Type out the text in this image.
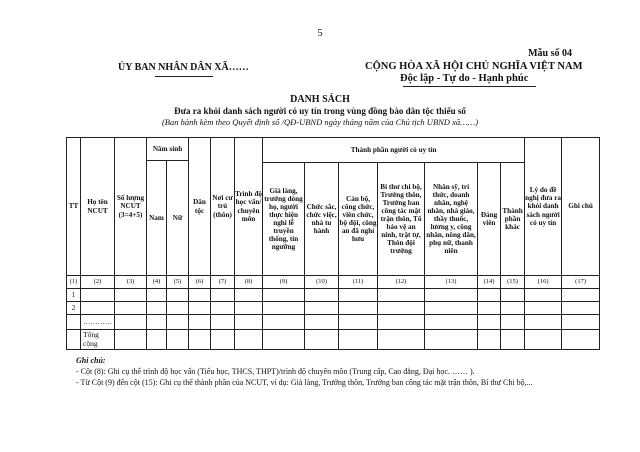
5
Mẫu số 04
ỦY BAN NHÂN DÂN XÃ……	CỘNG HÒA XÃ HỘI CHỦ NGHĨA VIỆT NAM
Độc lập - Tự do - Hạnh phúc
DANH SÁCH
Đưa ra khỏi danh sách người có uy tín trong vùng đồng bào dân tộc thiểu số
(Ban hành kèm theo Quyết định số /QĐ-UBND ngày tháng năm của Chủ tịch UBND xã……)
TT	Họ tên NCUT	Số lượng NCUT (3=4+5)	Năm sinh		Dân tộc	Nơi cư trú (thôn)	Trình độ học vấn/ chuyên môn	Thành phần người có uy tín							Lý do đề nghị đưa ra khỏi danh sách người có uy tín	Ghi chú
			Nam	Nữ												
								Già làng, trưởng dòng họ, người thực hiện nghi lễ truyền thống, tín ngưỡng	Chức sắc, chức việc, nhà tu hành	Cán bộ, công chức, viên chức, bộ đội, công an đã nghỉ hưu	Bí thư chi bộ, Trưởng thôn, Trưởng ban công tác mặt trận thôn, Tổ bảo vệ an ninh, trật tự, Thôn đội trưởng	Nhân sỹ, trí thức, doanh nhân, nghệ nhân, nhà giáo, thầy thuốc, lương y, công nhân, nông dân, phụ nữ, thanh niên	Đảng viên	Thành phần khác		
(1)	(2)	(3)	(4)	(5)	(6)	(7)	(8)	(9)	(10)	(11)	(12)	(13)	(14)	(15)	(16)	(17)
1																
2																
	…………															
	Tổng cộng															
Ghi chú:
- Cột (8): Ghi cụ thể trình độ học vấn (Tiểu học, THCS, THPT)/trình độ chuyên môn (Trung cấp, Cao đẳng, Đại học. …… ).
- Từ Cột (9) đến cột (15): Ghi cụ thể thành phần của NCUT, ví dụ: Già làng, Trưởng thôn, Trưởng ban công tác mặt trận thôn, Bí thư Chi bộ,...
